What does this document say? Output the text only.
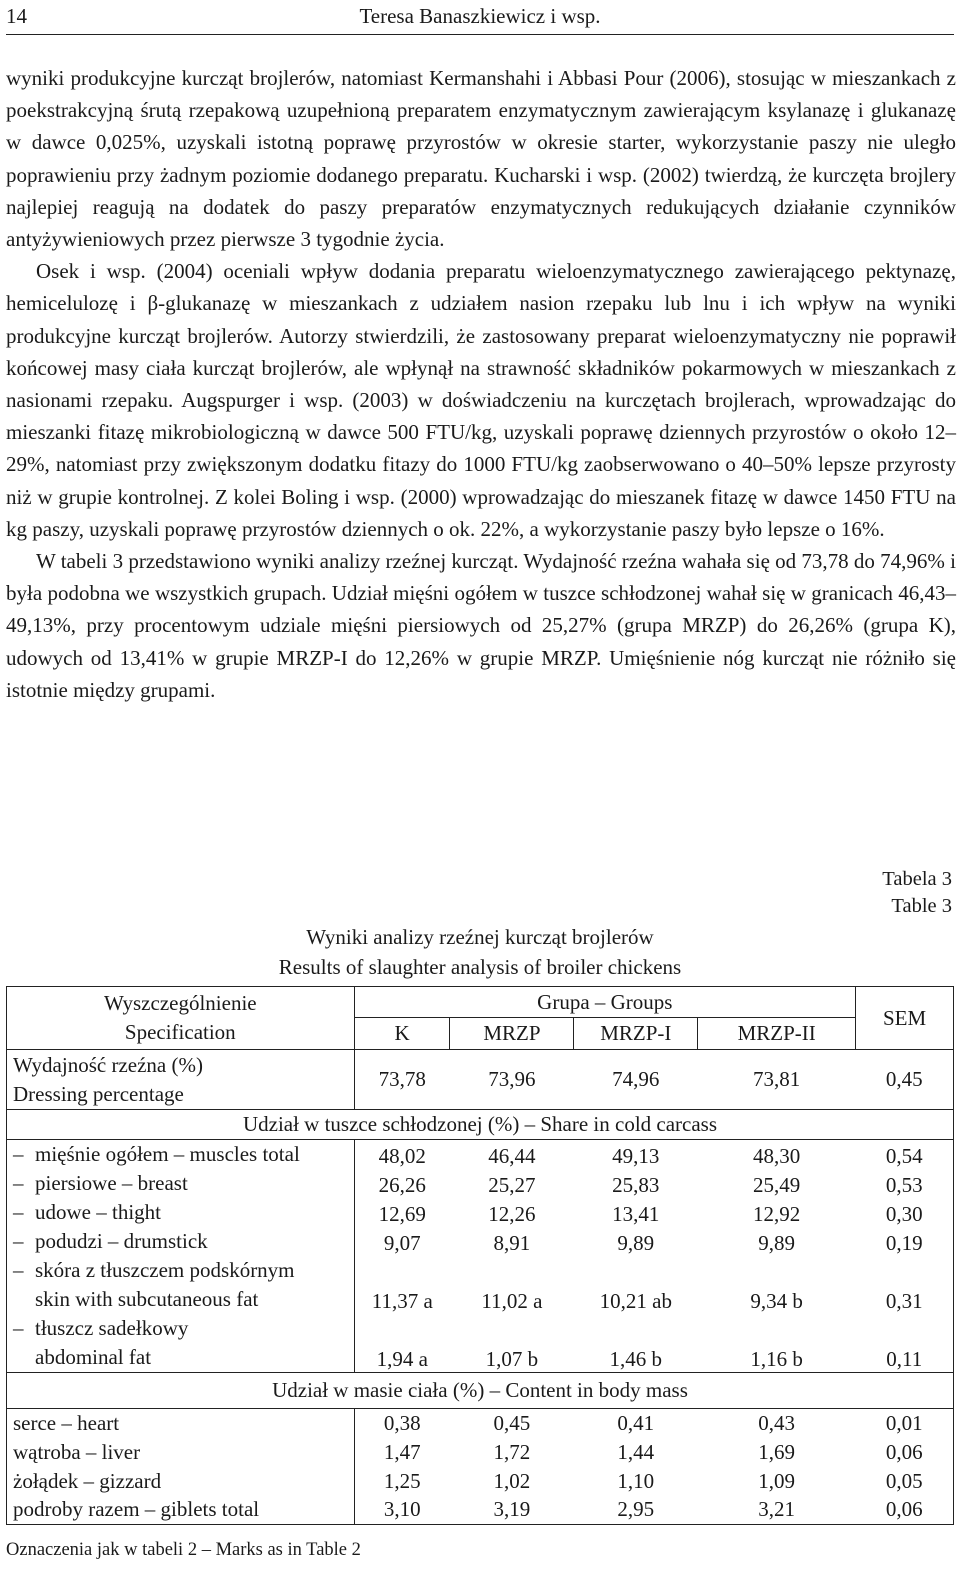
14	Teresa Banaszkiewicz i wsp.

wyniki produkcyjne kurcząt brojlerów, natomiast Kermanshahi i Abbasi Pour (2006), stosując w mieszankach z poekstrakcyjną śrutą rzepakową uzupełnioną preparatem enzymatycznym zawierającym ksylanazę i glukanazę w dawce 0,025%, uzyskali istotną poprawę przyrostów w okresie starter, wykorzystanie paszy nie uległo poprawieniu przy żadnym poziomie dodanego preparatu. Kucharski i wsp. (2002) twierdzą, że kurczęta brojlery najlepiej reagują na dodatek do paszy preparatów enzymatycznych redukujących działanie czynników antyżywieniowych przez pierwsze 3 tygodnie życia.

Osek i wsp. (2004) oceniali wpływ dodania preparatu wieloenzymatycznego zawierającego pektynazę, hemicelulozę i β-glukanazę w mieszankach z udziałem nasion rzepaku lub lnu i ich wpływ na wyniki produkcyjne kurcząt brojlerów. Autorzy stwierdzili, że zastosowany preparat wieloenzymatyczny nie poprawił końcowej masy ciała kurcząt brojlerów, ale wpłynął na strawność składników pokarmowych w mieszankach z nasionami rzepaku. Augspurger i wsp. (2003) w doświadczeniu na kurczętach brojlerach, wprowadzając do mieszanki fitazę mikrobiologiczną w dawce 500 FTU/kg, uzyskali poprawę dziennych przyrostów o około 12–29%, natomiast przy zwiększonym dodatku fitazy do 1000 FTU/kg zaobserwowano o 40–50% lepsze przyrosty niż w grupie kontrolnej. Z kolei Boling i wsp. (2000) wprowadzając do mieszanek fitazę w dawce 1450 FTU na kg paszy, uzyskali poprawę przyrostów dziennych o ok. 22%, a wykorzystanie paszy było lepsze o 16%.

W tabeli 3 przedstawiono wyniki analizy rzeźnej kurcząt. Wydajność rzeźna wahała się od 73,78 do 74,96% i była podobna we wszystkich grupach. Udział mięśni ogółem w tuszce schłodzonej wahał się w granicach 46,43–49,13%, przy procentowym udziale mięśni piersiowych od 25,27% (grupa MRZP) do 26,26% (grupa K), udowych od 13,41% w grupie MRZP-I do 12,26% w grupie MRZP. Umięśnienie nóg kurcząt nie różniło się istotnie między grupami.

Tabela 3
Table 3
Wyniki analizy rzeźnej kurcząt brojlerów
Results of slaughter analysis of broiler chickens
Wyszczególnienie
Specification	Grupa – Groups				SEM
	K	MRZP	MRZP-I	MRZP-II	

Wydajność rzeźna (%)
Dressing percentage	73,78	73,96	74,96	73,81	0,45
Udział w tuszce schłodzonej (%) – Share in cold carcass					

– mięśnie ogółem – muscles total	48,02	46,44	49,13	48,30	0,54

– piersiowe – breast	26,26	25,27	25,83	25,49	0,53

– udowe – thight	12,69	12,26	13,41	12,92	0,30

– podudzi – drumstick	9,07	8,91	9,89	9,89	0,19

– skóra z tłuszczem podskórnym
skin with subcutaneous fat	11,37 a	11,02 a	10,21 ab	9,34 b	0,31

– tłuszcz sadełkowy
abdominal fat	1,94 a	1,07 b	1,46 b	1,16 b	0,11
Udział w masie ciała (%) – Content in body mass					
serce – heart	0,38	0,45	0,41	0,43	0,01
wątroba – liver	1,47	1,72	1,44	1,69	0,06
żołądek – gizzard	1,25	1,02	1,10	1,09	0,05
podroby razem – giblets total	3,10	3,19	2,95	3,21	0,06
Oznaczenia jak w tabeli 2 – Marks as in Table 2
